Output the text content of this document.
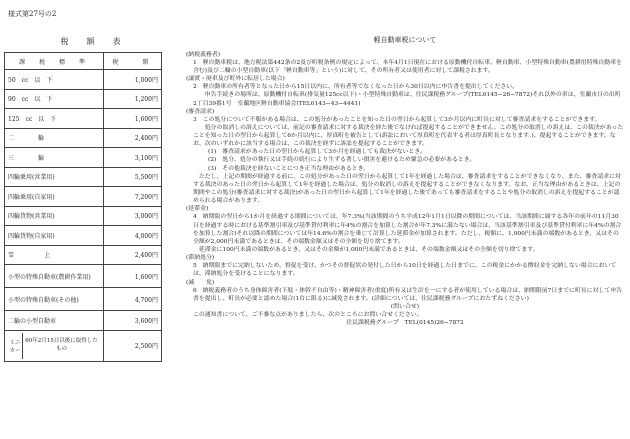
様式第27号の2
税　額　表
課　税　標　準	税　　額
50　cc　以　下	1,000円
90　cc　以　下	1,200円
125　cc　以　下	1,600円
二　　　　輪	2,400円
三　　　　輪	3,100円
四輪乗用(営業用)	5,500円
四輪乗用(自家用)	7,200円
四輪貨物(営業用)	3,000円
四輪貨物(自家用)	4,000円
雪　　　　　上	2,400円
小型の特殊自動車(農耕作業用)	1,600円
小型の特殊自動車(その他)	4,700円
二輪の小型自動車	3,600円

ミニ
カー
60年2月15日以後に取得したもの	2,500円
軽自動車税について

(納税義務者)

1　軽自動車税は、地方税法第442条の2及び町税条例の規定によって、本年4月1日現在における原動機付自転車、軽自動車、小型特殊自動車(農耕用特殊自動車を含む)及び二輪の小型自動車(以下「軽自動車等」という)に対して、その所有者又は使用者に対して課税されます。

(譲渡・廃車及び町外に転居した場合)

2　軽自動車の所有者等となった日から15日以内に、所有者等でなくなった日から30日以内に申告書を提出してください。

　　申告手続きの場所は、原動機付自転車(排気量125cc以下)・小型特殊自動車は、住民課税務グループ(TEL0145−26−7872)それ以外の車は、室蘭市日の出町2丁目39番1号　室蘭地区軽自動車協会(TEL0143−43−4441)

(審査請求)

3　この処分について不服がある場合は、この処分があったことを知った日の翌日から起算して3か月以内に町長に対して審査請求をすることができます。

　　処分の取消しの訴えについては、前記の審査請求に対する裁決を経た後でなければ提起することができません。この処分の取消しの訴えは、この裁決があったことを知った日の翌日から起算して6か月以内に、厚真町を被告として(訴訟において厚真町を代表する者は厚真町長となります。)、提起することができます。なお、次のいずれかに該当する場合は、この裁決を経ずに訴訟を提起することができます。

(1)　審査請求があった日の翌日から起算して3か月を経過しても裁決がないとき。

(2)　処分、処分の執行又は手続の続行により生ずる著しい損害を避けるため緊急の必要があるとき。

(3)　その他裁決を経ないことにつき正当な理由があるとき。

　ただし、上記の期間が経過する前に、この処分があった日の翌日から起算して1年を経過した場合は、審査請求をすることができなくなり、また、審査請求に対する裁決のあった日の翌日から起算して1年を経過した場合は、処分の取消しの訴えを提起することができなくなります。なお、正当な理由があるときは、上記の期間やこの処分(審査請求に対する裁決)があった日の翌日から起算して1年を経過した後であっても審査請求をすることや処分の取消しの訴えを提起することが認められる場合があります。

(延滞金)

4　納期限の翌日から1か月を経過する期間については、年7.3%(当該期間のうち平成12年1月1日以降の期間については、当該期間に属する各年の前年の11月30日を経過する時における基準割引率及び基準貸付利率に年4%の割合を加算した割合が年7.3%に満たない場合は、当該基準割引率及び基準貸付利率に年4%の割合を加算した割合)それ以降の期間については年14.6%の割合を乗じて計算した延滞金が加算されます。ただし、税額に、1,000円未満の端数があるとき、又はその全額が2,000円未満であるときは、その端数金額又はその全額を切り捨てます。

　延滞金に100円未満の端数があるとき、又はその金額が1,000円未満であるときは、その端数金額又はその全額を切り捨てます。

(滞納処分)

5　納期限までに完納しないため、督促を受け、かつその督促状の発付した日から10日を経過した日までに、この税金にかかる徴収金を完納しない場合においては、滞納処分を受けることになります。

(減　　免)

6　納税義務者のうち身体障害者(下肢・体幹不自由等)・精神障害者(重度)所有又は生計を一にする者が使用している場合は、納期限前7日までに町長に対して申告書を提出し、町長が必要と認めた場合(1台に限る)に減免されます。(詳細については、住民課税務グループにおたずねください)

(問い合せ)

この通知書について、ご不審な点がありましたら、次のところにお問い合せください。

住民課税務グループ　TEL(0145)26−7872
